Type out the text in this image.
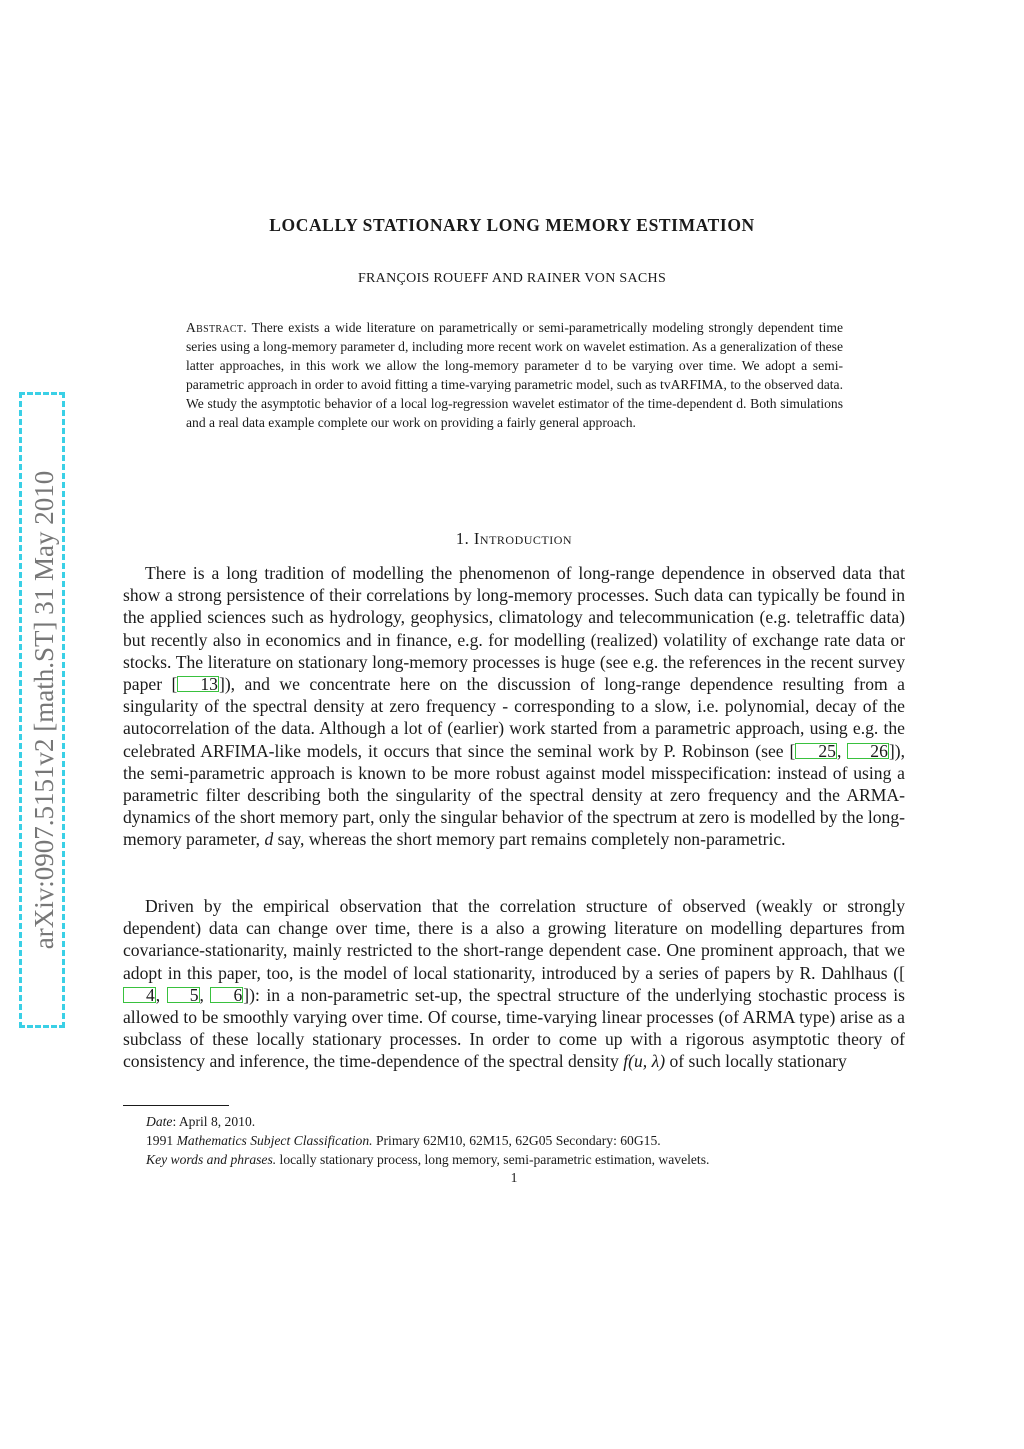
arXiv:0907.5151v2 [math.ST] 31 May 2010
LOCALLY STATIONARY LONG MEMORY ESTIMATION
FRANÇOIS ROUEFF AND RAINER VON SACHS

Abstract. There exists a wide literature on parametrically or semi-parametrically modeling strongly dependent time series using a long-memory parameter d, including more recent work on wavelet estimation. As a generalization of these latter approaches, in this work we allow the long-memory parameter d to be varying over time. We adopt a semi-parametric approach in order to avoid fitting a time-varying parametric model, such as tvARFIMA, to the observed data. We study the asymptotic behavior of a local log-regression wavelet estimator of the time-dependent d. Both simulations and a real data example complete our work on providing a fairly general approach.

1. Introduction

There is a long tradition of modelling the phenomenon of long-range dependence in observed data that show a strong persistence of their correlations by long-memory processes. Such data can typically be found in the applied sciences such as hydrology, geophysics, climatology and telecommunication (e.g. teletraffic data) but recently also in economics and in finance, e.g. for modelling (realized) volatility of exchange rate data or stocks. The literature on stationary long-memory processes is huge (see e.g. the references in the recent survey paper [ 13]), and we concentrate here on the discussion of long-range dependence resulting from a singularity of the spectral density at zero frequency - corresponding to a slow, i.e. polynomial, decay of the autocorrelation of the data. Although a lot of (earlier) work started from a parametric approach, using e.g. the celebrated ARFIMA-like models, it occurs that since the seminal work by P. Robinson (see [ 25, 26]), the semi-parametric approach is known to be more robust against model misspecification: instead of using a parametric filter describing both the singularity of the spectral density at zero frequency and the ARMA-dynamics of the short memory part, only the singular behavior of the spectrum at zero is modelled by the long-memory parameter, d say, whereas the short memory part remains completely non-parametric.

Driven by the empirical observation that the correlation structure of observed (weakly or strongly dependent) data can change over time, there is a also a growing literature on modelling departures from covariance-stationarity, mainly restricted to the short-range dependent case. One prominent approach, that we adopt in this paper, too, is the model of local stationarity, introduced by a series of papers by R. Dahlhaus ([4, 5, 6]): in a non-parametric set-up, the spectral structure of the underlying stochastic process is allowed to be smoothly varying over time. Of course, time-varying linear processes (of ARMA type) arise as a subclass of these locally stationary processes. In order to come up with a rigorous asymptotic theory of consistency and inference, the time-dependence of the spectral density f(u, λ) of such locally stationary

Date: April 8, 2010.

1991 Mathematics Subject Classification. Primary 62M10, 62M15, 62G05 Secondary: 60G15.

Key words and phrases. locally stationary process, long memory, semi-parametric estimation, wavelets.

1
